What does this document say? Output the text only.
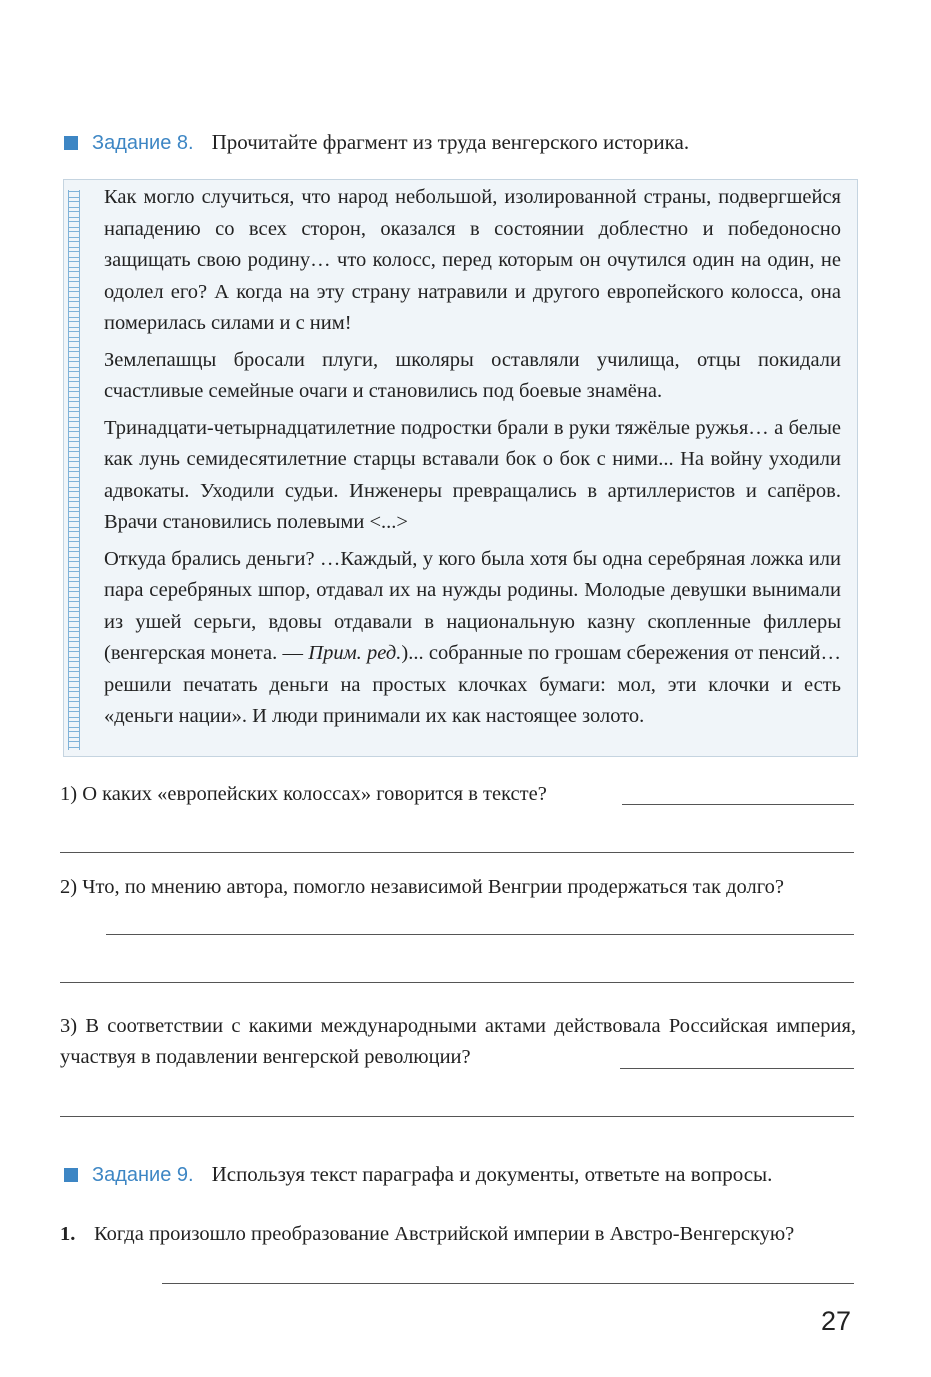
Задание 8. Прочитайте фрагмент из труда венгерского историка.

Как могло случиться, что народ небольшой, изолированной страны, подвергшейся нападению со всех сторон, оказался в состоянии доблестно и победоносно защищать свою родину… что колосс, перед которым он очутился один на один, не одолел его? А когда на эту страну натравили и другого европейского колосса, она померилась силами и с ним!

Землепашцы бросали плуги, школяры оставляли училища, отцы покидали счастливые семейные очаги и становились под боевые знамёна.

Тринадцати-четырнадцатилетние подростки брали в руки тяжёлые ружья… а белые как лунь семидесятилетние старцы вставали бок о бок с ними... На войну уходили адвокаты. Уходили судьи. Инженеры превращались в артиллеристов и сапёров. Врачи становились полевыми <...>

Откуда брались деньги? …Каждый, у кого была хотя бы одна серебряная ложка или пара серебряных шпор, отдавал их на нужды родины. Молодые девушки вынимали из ушей серьги, вдовы отдавали в национальную казну скопленные филлеры (венгерская монета. — Прим. ред.)... собранные по грошам сбережения от пенсий… решили печатать деньги на простых клочках бумаги: мол, эти клочки и есть «деньги нации». И люди принимали их как настоящее золото.

1) О каких «европейских колоссах» говорится в тексте?
2) Что, по мнению автора, помогло независимой Венгрии продержаться так долго?
3) В соответствии с какими международными актами действовала Российская империя, участвуя в подавлении венгерской революции?
Задание 9. Используя текст параграфа и документы, ответьте на вопросы.
1. Когда произошло преобразование Австрийской империи в Австро-Венгерскую?
27
